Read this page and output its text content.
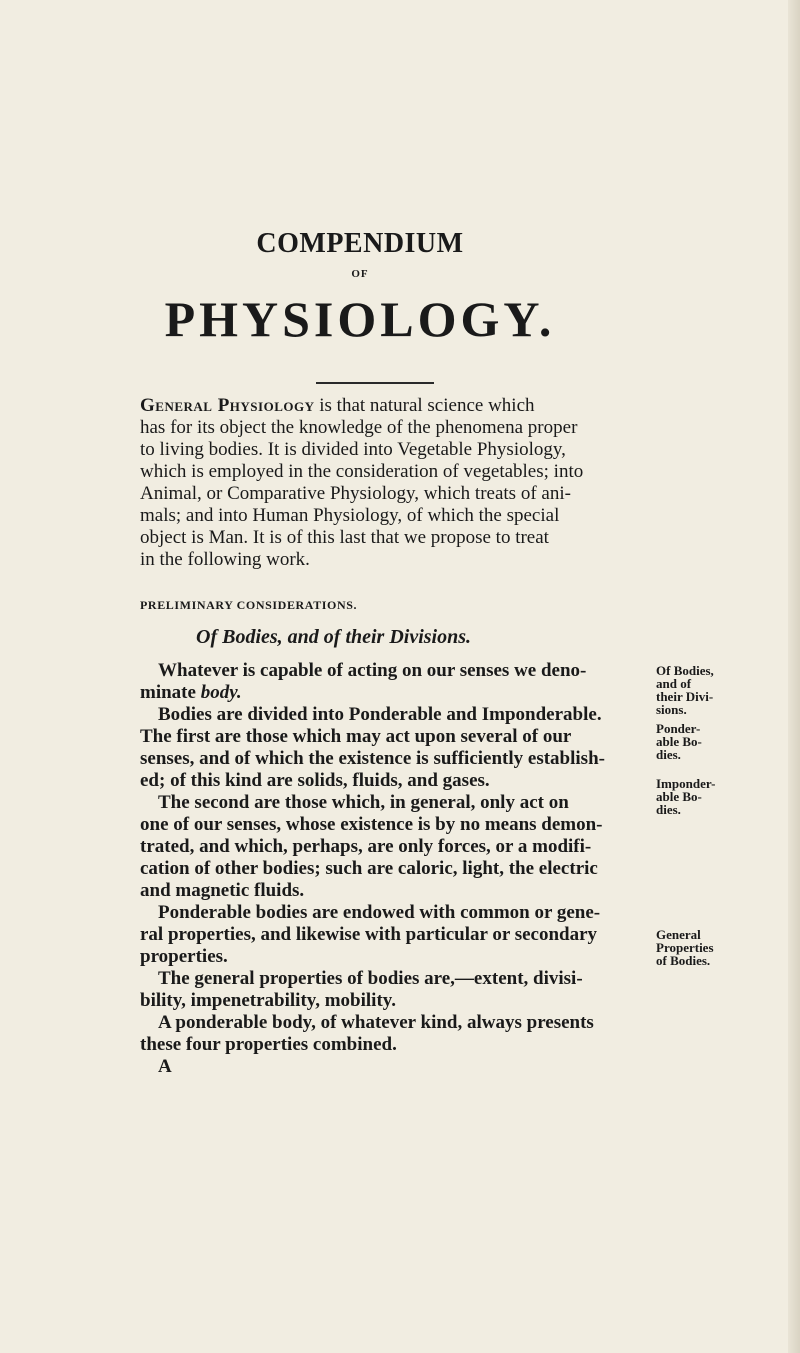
COMPENDIUM
OF
PHYSIOLOGY.
General Physiology is that natural science which
has for its object the knowledge of the phenomena proper
to living bodies. It is divided into Vegetable Physiology,
which is employed in the consideration of vegetables; into
Animal, or Comparative Physiology, which treats of ani-
mals; and into Human Physiology, of which the special
object is Man. It is of this last that we propose to treat
in the following work.
PRELIMINARY CONSIDERATIONS.
Of Bodies, and of their Divisions.
Whatever is capable of acting on our senses we deno-
minate body.
Bodies are divided into Ponderable and Imponderable.
The first are those which may act upon several of our
senses, and of which the existence is sufficiently establish-
ed; of this kind are solids, fluids, and gases.
The second are those which, in general, only act on
one of our senses, whose existence is by no means demon-
trated, and which, perhaps, are only forces, or a modifi-
cation of other bodies; such are caloric, light, the electric
and magnetic fluids.
Ponderable bodies are endowed with common or gene-
ral properties, and likewise with particular or secondary
properties.
The general properties of bodies are,—extent, divisi-
bility, impenetrability, mobility.
A ponderable body, of whatever kind, always presents
these four properties combined.
A
Of Bodies,
and of
their Divi-
sions.
Ponder-
able Bo-
dies.
Imponder-
able Bo-
dies.
General
Properties
of Bodies.
